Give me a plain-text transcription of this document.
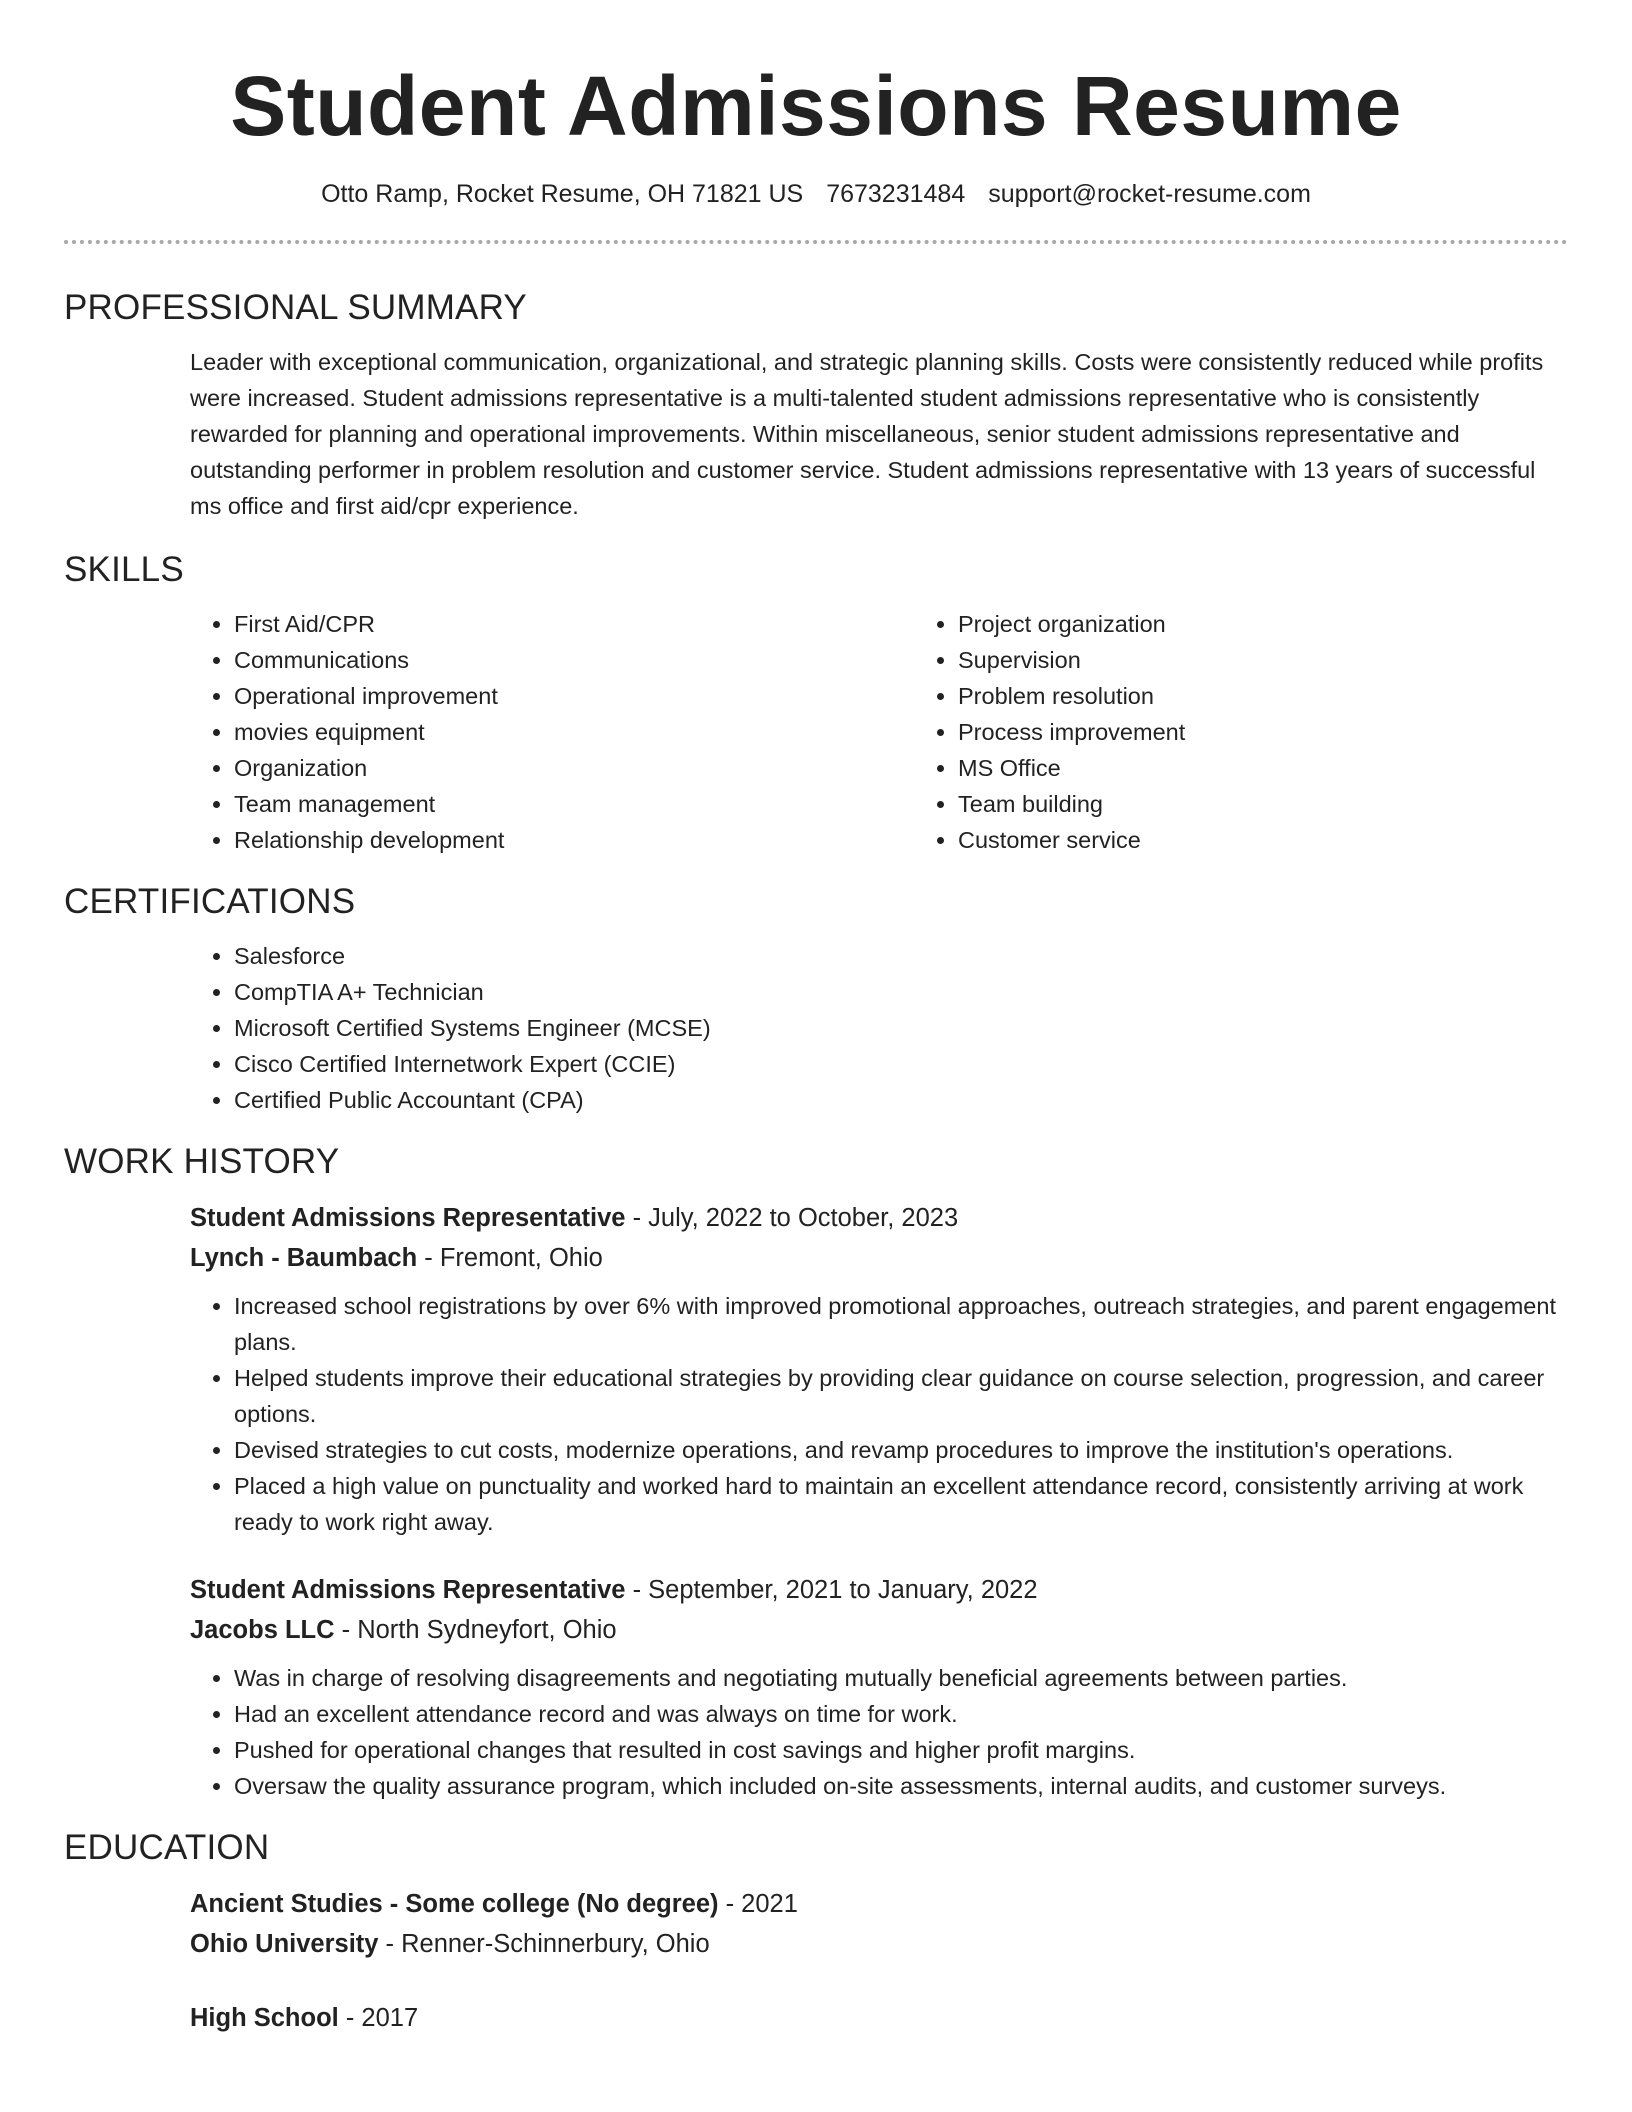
Student Admissions Resume
Otto Ramp, Rocket Resume, OH 71821 US 7673231484 support@rocket-resume.com
PROFESSIONAL SUMMARY

Leader with exceptional communication, organizational, and strategic planning skills. Costs were consistently reduced while profits were increased. Student admissions representative is a multi-talented student admissions representative who is consistently rewarded for planning and operational improvements. Within miscellaneous, senior student admissions representative and outstanding performer in problem resolution and customer service. Student admissions representative with 13 years of successful ms office and first aid/cpr experience.

SKILLS
• First Aid/CPR
• Communications
• Operational improvement
• movies equipment
• Organization
• Team management
• Relationship development
• Project organization
• Supervision
• Problem resolution
• Process improvement
• MS Office
• Team building
• Customer service
CERTIFICATIONS
• Salesforce
• CompTIA A+ Technician
• Microsoft Certified Systems Engineer (MCSE)
• Cisco Certified Internetwork Expert (CCIE)
• Certified Public Accountant (CPA)
WORK HISTORY
Student Admissions Representative - July, 2022 to October, 2023
Lynch - Baumbach - Fremont, Ohio
• Increased school registrations by over 6% with improved promotional approaches, outreach strategies, and parent engagement plans.
• Helped students improve their educational strategies by providing clear guidance on course selection, progression, and career options.
• Devised strategies to cut costs, modernize operations, and revamp procedures to improve the institution's operations.
• Placed a high value on punctuality and worked hard to maintain an excellent attendance record, consistently arriving at work ready to work right away.
Student Admissions Representative - September, 2021 to January, 2022
Jacobs LLC - North Sydneyfort, Ohio
• Was in charge of resolving disagreements and negotiating mutually beneficial agreements between parties.
• Had an excellent attendance record and was always on time for work.
• Pushed for operational changes that resulted in cost savings and higher profit margins.
• Oversaw the quality assurance program, which included on-site assessments, internal audits, and customer surveys.
EDUCATION
Ancient Studies - Some college (No degree) - 2021
Ohio University - Renner-Schinnerbury, Ohio
High School - 2017
